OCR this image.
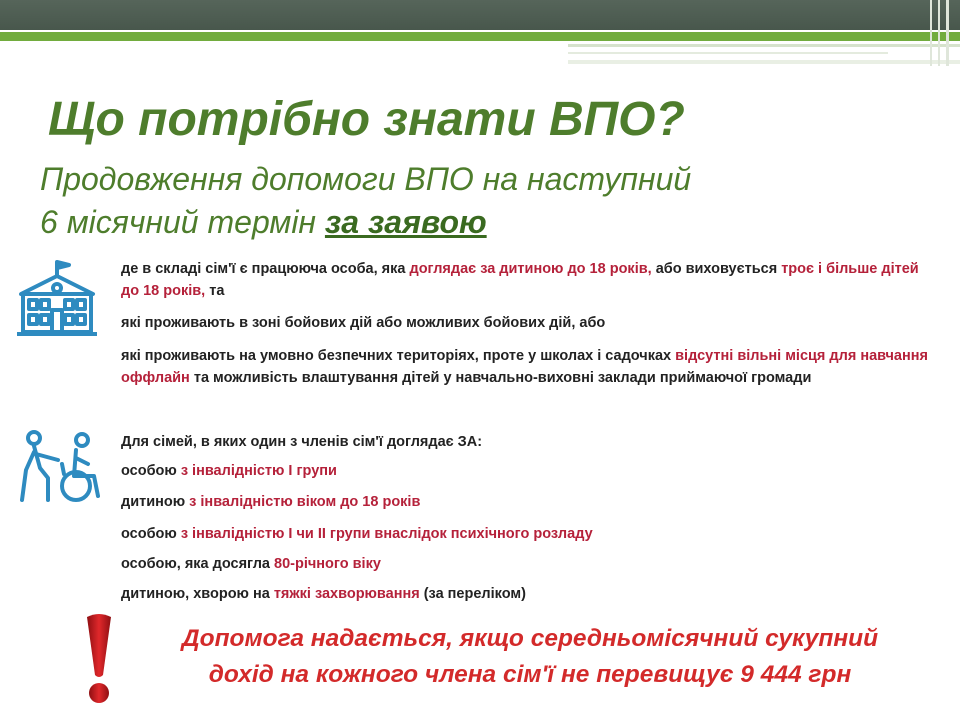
Що потрібно знати ВПО?
Продовження допомоги ВПО на наступний
6 місячний термін за заявою

де в складі сім'ї є працююча особа, яка доглядає за дитиною до 18 років, або виховується троє і більше дітей до 18 років, та

які проживають в зоні бойових дій або можливих бойових дій, або

які проживають на умовно безпечних територіях, проте у школах і садочках відсутні вільні місця для навчання оффлайн та можливість влаштування дітей у навчально-виховні заклади приймаючої громади

Для сімей, в яких один з членів сім'ї доглядає ЗА:

особою з інвалідністю І групи

дитиною з інвалідністю віком до 18 років

особою з інвалідністю І чи ІІ групи внаслідок психічного розладу

особою, яка досягла 80-річного віку

дитиною, хворою на тяжкі захворювання (за переліком)

Допомога надається, якщо середньомісячний сукупний
дохід на кожного члена сім'ї не перевищує 9 444 грн
